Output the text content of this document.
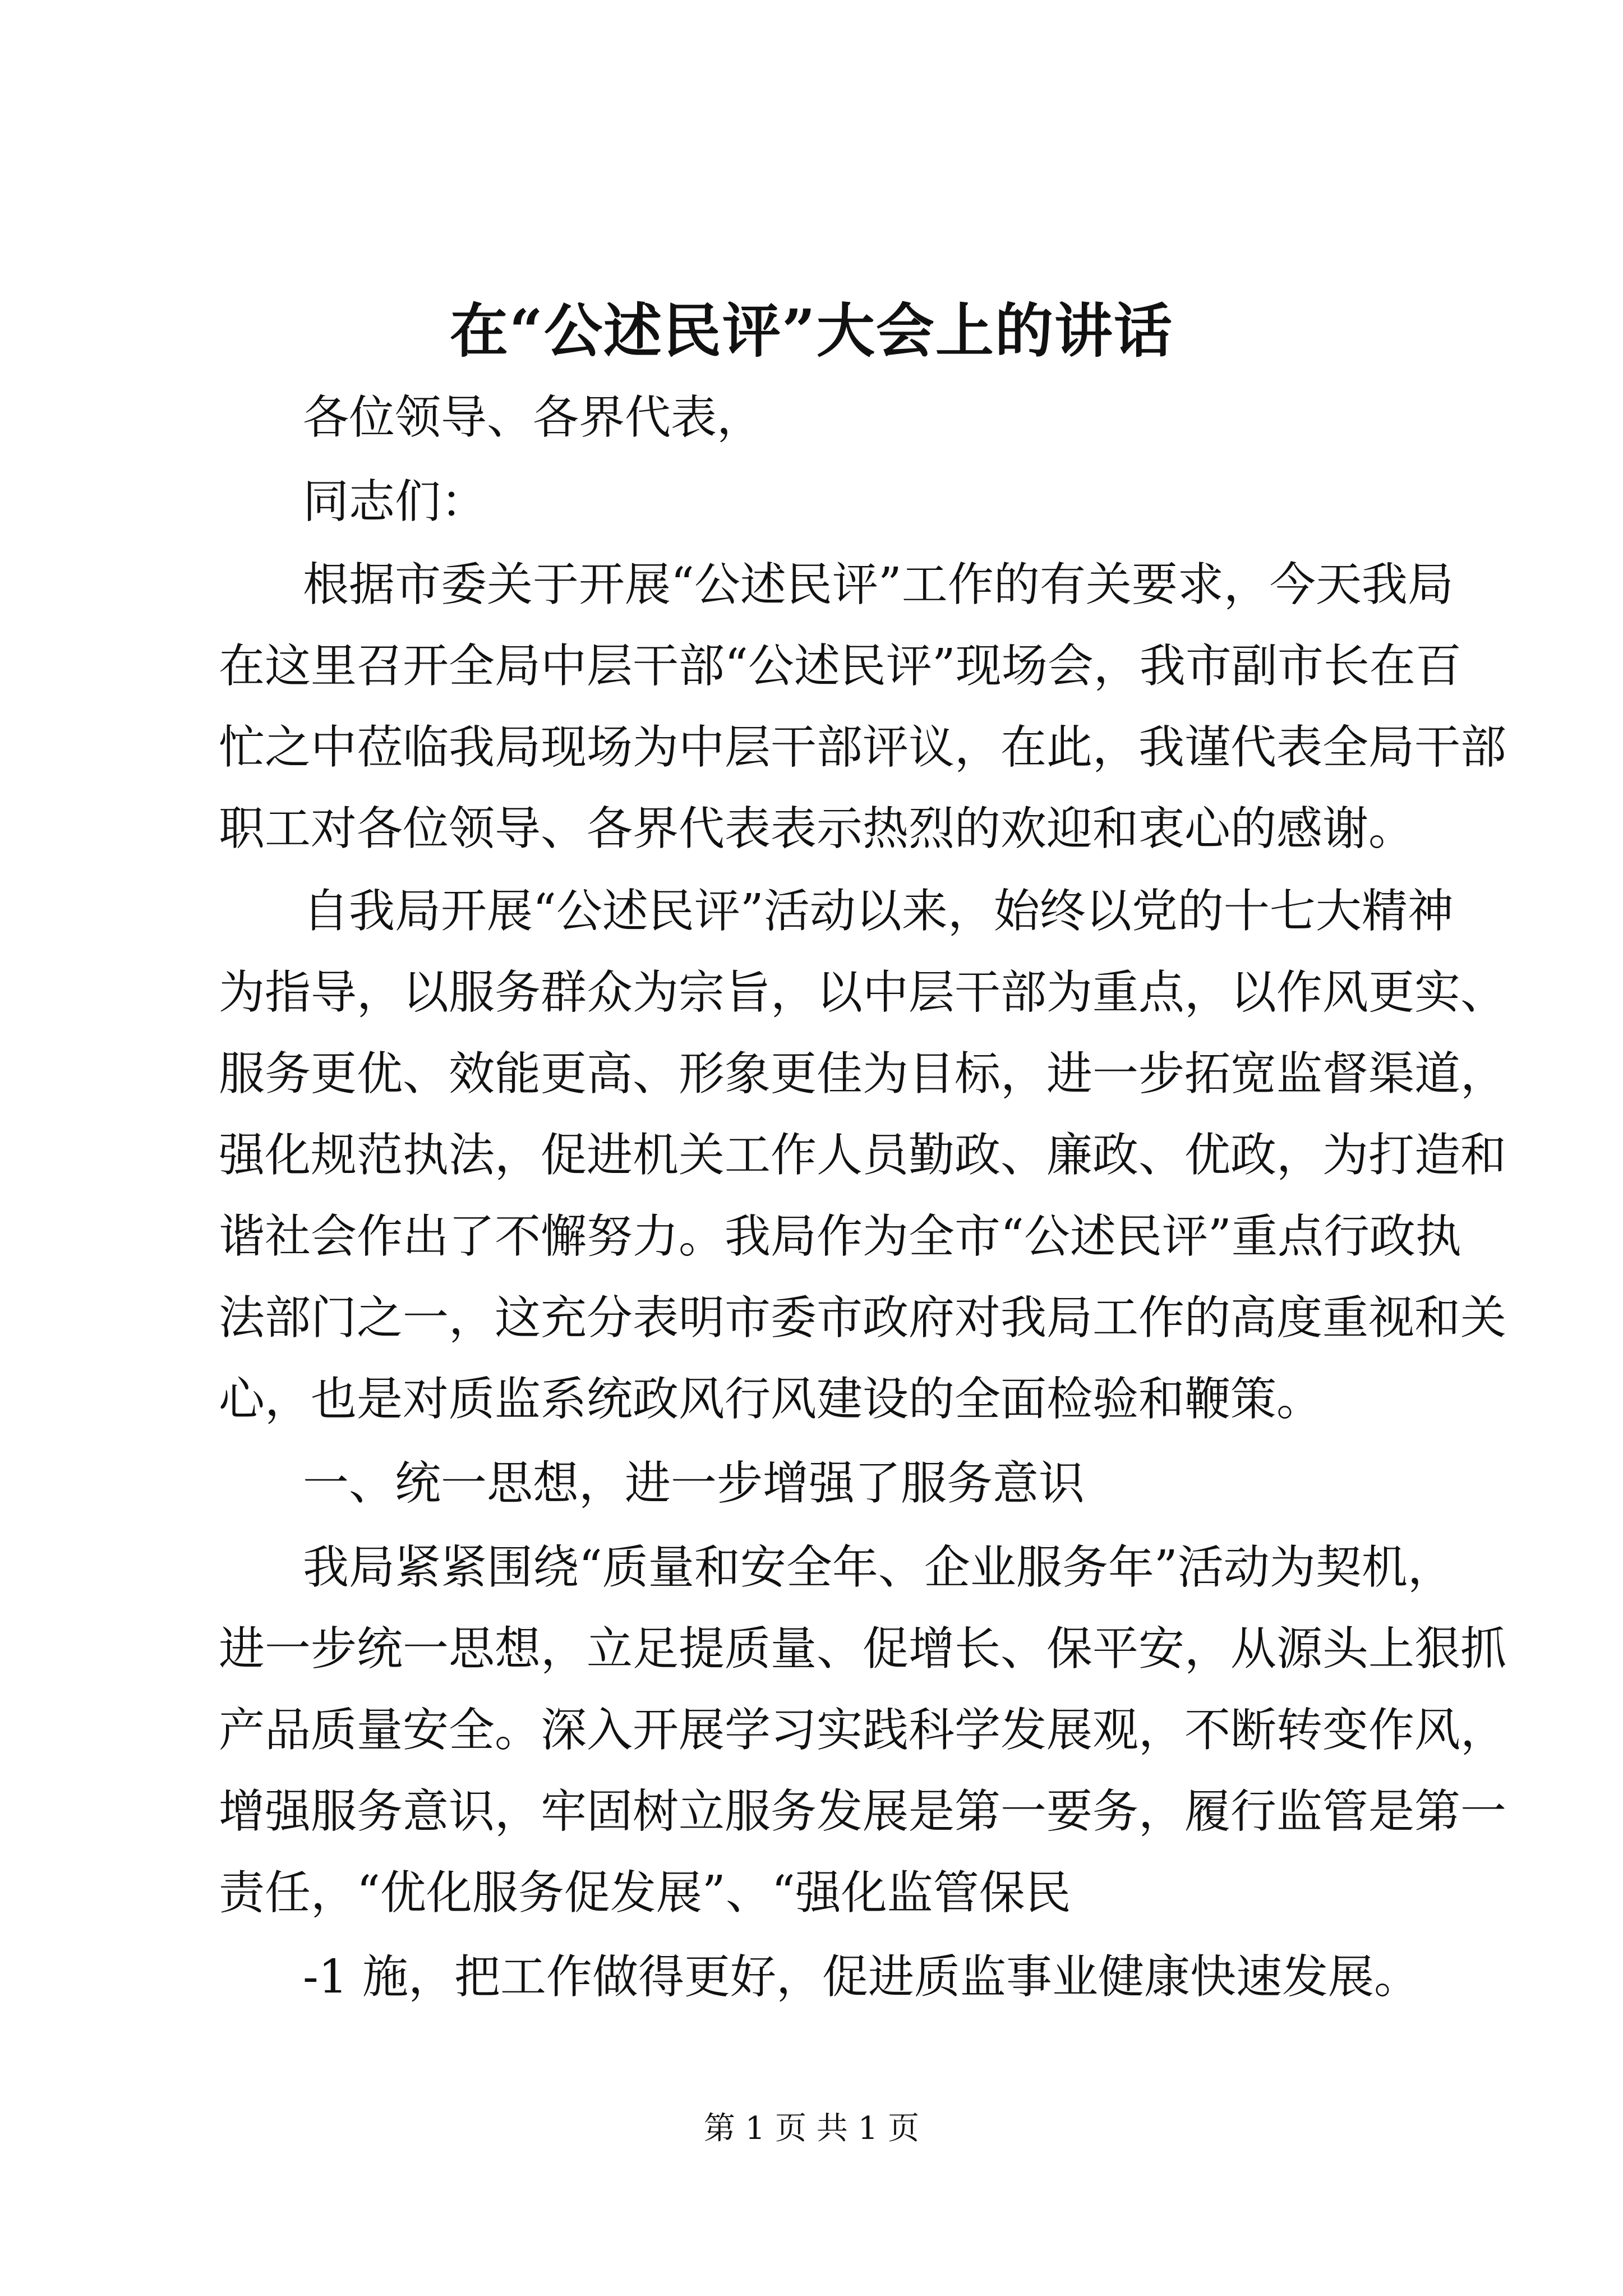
在“公述民评”大会上的讲话

各位领导、各界代表，

同志们：

根据市委关于开展“公述民评”工作的有关要求，今天我局

在这里召开全局中层干部“公述民评”现场会，我市副市长在百

忙之中莅临我局现场为中层干部评议，在此，我谨代表全局干部

职工对各位领导、各界代表表示热烈的欢迎和衷心的感谢。

自我局开展“公述民评”活动以来，始终以党的十七大精神

为指导，以服务群众为宗旨，以中层干部为重点，以作风更实、

服务更优、效能更高、形象更佳为目标，进一步拓宽监督渠道，

强化规范执法，促进机关工作人员勤政、廉政、优政，为打造和

谐社会作出了不懈努力。我局作为全市“公述民评”重点行政执

法部门之一，这充分表明市委市政府对我局工作的高度重视和关

心，也是对质监系统政风行风建设的全面检验和鞭策。

一、统一思想，进一步增强了服务意识

我局紧紧围绕“质量和安全年、企业服务年”活动为契机，

进一步统一思想，立足提质量、促增长、保平安，从源头上狠抓

产品质量安全。深入开展学习实践科学发展观，不断转变作风，

增强服务意识，牢固树立服务发展是第一要务，履行监管是第一

责任，“优化服务促发展”、“强化监管保民

-1 施，把工作做得更好，促进质监事业健康快速发展。

第 1 页 共 1 页
